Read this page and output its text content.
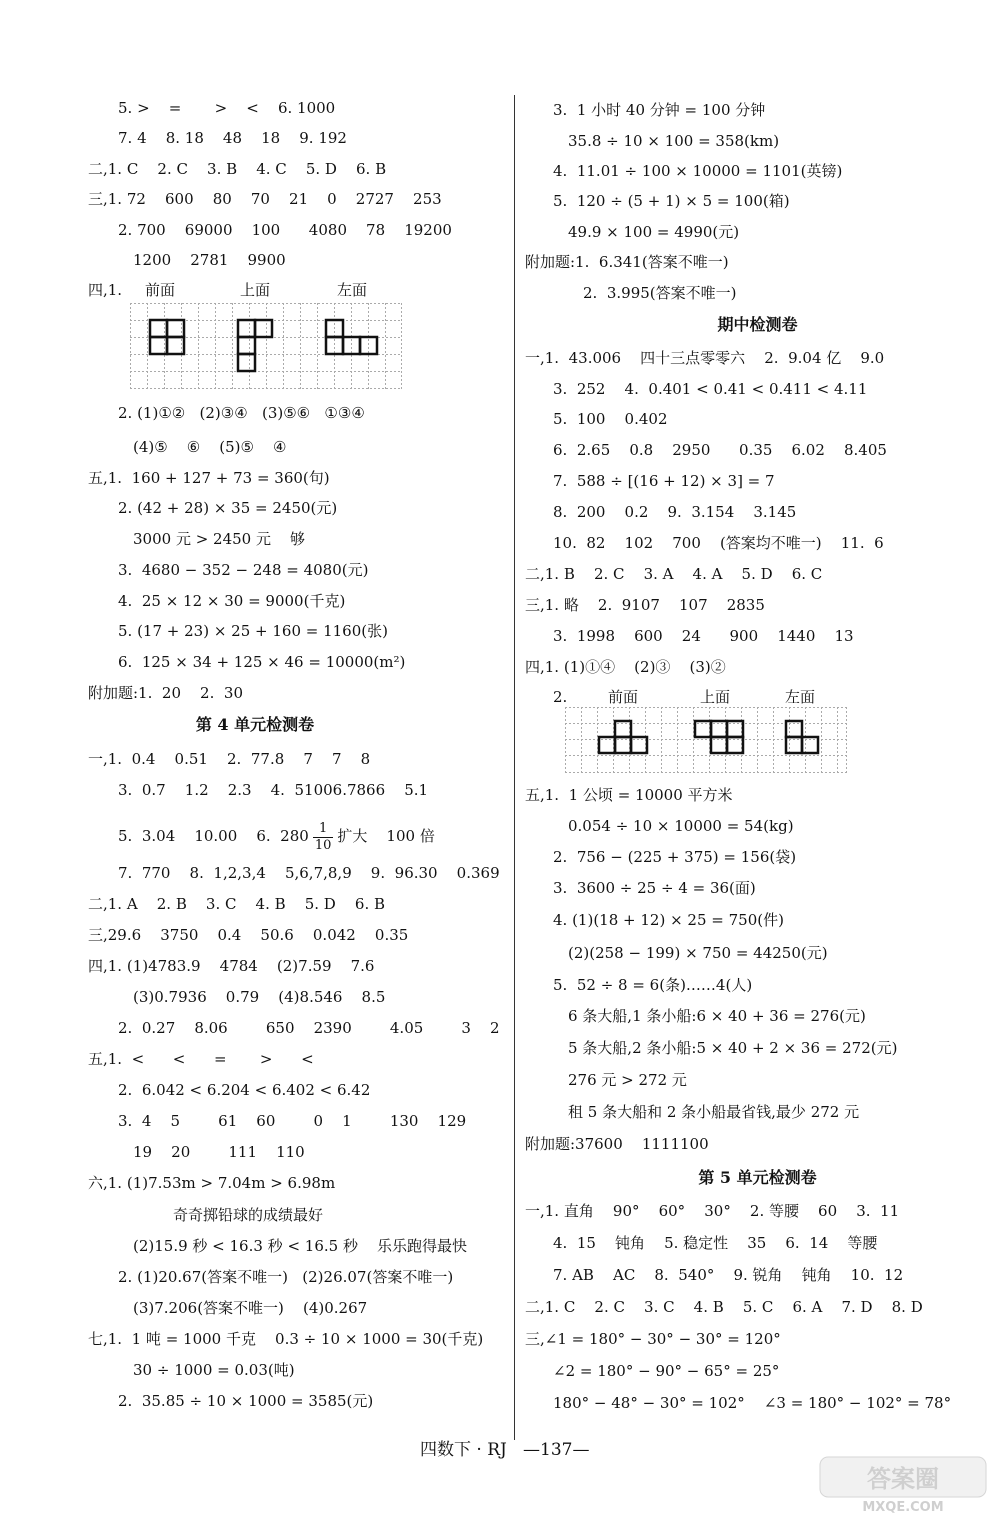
5. >    =       >    <    6. 1000
7. 4    8. 18    48    18    9. 192
二,1. C    2. C    3. B    4. C    5. D    6. B
三,1. 72    600    80    70    21    0    2727    253
2. 700    69000    100      4080    78    19200
1200    2781    9900
四,1. 前面	上面	左面
2. (1)①②   (2)③④   (3)⑤⑥   ①③④
(4)⑤    ⑥    (5)⑤    ④
五,1.  160 + 127 + 73 = 360(句)
2. (42 + 28) × 35 = 2450(元)
3000 元 > 2450 元    够
3.  4680 − 352 − 248 = 4080(元)
4.  25 × 12 × 30 = 9000(千克)
5. (17 + 23) × 25 + 160 = 1160(张)
6.  125 × 34 + 125 × 46 = 10000(m²)
附加题:1.  20    2.  30
第 4 单元检测卷
一,1.  0.4    0.51    2.  77.8    7    7    8
3.  0.7    1.2    2.3    4.  51006.7866    5.1
5.  3.04    10.00    6.  $280 \frac{1}{10}$ 扩大    100 倍
7.  770    8.  1,2,3,4    5,6,7,8,9    9.  96.30    0.369
二,1. A    2. B    3. C    4. B    5. D    6. B
三,29.6    3750    0.4    50.6    0.042    0.35
四,1. (1)4783.9    4784    (2)7.59    7.6
(3)0.7936    0.79    (4)8.546    8.5
2.  0.27    8.06        650    2390        4.05        3    2
五,1.  <      <      =       >      <
2.  6.042 < 6.204 < 6.402 < 6.42
3.  4    5        61    60        0    1        130    129
19    20        111    110
六,1. (1)7.53m > 7.04m > 6.98m
奇奇掷铅球的成绩最好
(2)15.9 秒 < 16.3 秒 < 16.5 秒    乐乐跑得最快
2. (1)20.67(答案不唯一)   (2)26.07(答案不唯一)
(3)7.206(答案不唯一)    (4)0.267
七,1.  1 吨 = 1000 千克    0.3 ÷ 10 × 1000 = 30(千克)
30 ÷ 1000 = 0.03(吨)
2.  35.85 ÷ 10 × 1000 = 3585(元)
3.  1 小时 40 分钟 = 100 分钟
35.8 ÷ 10 × 100 = 358(km)
4.  11.01 ÷ 100 × 10000 = 1101(英镑)
5.  120 ÷ (5 + 1) × 5 = 100(箱)
49.9 × 100 = 4990(元)
附加题:1.  6.341(答案不唯一)
2.  3.995(答案不唯一)
期中检测卷
一,1.  43.006    四十三点零零六    2.  9.04 亿    9.0
3.  252    4.  0.401 < 0.41 < 0.411 < 4.11
5.  100    0.402
6.  2.65    0.8    2950      0.35    6.02    8.405
7.  588 ÷ [(16 + 12) × 3] = 7
8.  200    0.2    9.  3.154    3.145
10.  82    102    700    (答案均不唯一)    11.  6
二,1. B    2. C    3. A    4. A    5. D    6. C
三,1. 略    2.  9107    107    2835
3.  1998    600    24      900    1440    13
四,1. (1)①④    (2)③    (3)②
2.	前面	上面	左面
五,1.  1 公顷 = 10000 平方米
0.054 ÷ 10 × 10000 = 54(kg)
2.  756 − (225 + 375) = 156(袋)
3.  3600 ÷ 25 ÷ 4 = 36(面)
4. (1)(18 + 12) × 25 = 750(件)
(2)(258 − 199) × 750 = 44250(元)
5.  52 ÷ 8 = 6(条)……4(人)
6 条大船,1 条小船:6 × 40 + 36 = 276(元)
5 条大船,2 条小船:5 × 40 + 2 × 36 = 272(元)
276 元 > 272 元
租 5 条大船和 2 条小船最省钱,最少 272 元
附加题:37600    1111100
第 5 单元检测卷
一,1. 直角    90°    60°    30°    2. 等腰    60    3.  11
4.  15    钝角    5. 稳定性    35    6.  14    等腰
7. AB    AC    8.  540°    9. 锐角    钝角    10.  12
二,1. C    2. C    3. C    4. B    5. C    6. A    7. D    8. D
三,∠1 = 180° − 30° − 30° = 120°
∠2 = 180° − 90° − 65° = 25°
180° − 48° − 30° = 102°    ∠3 = 180° − 102° = 78°
四数下 · RJ   —137—
答案圈
MXQE.COM
